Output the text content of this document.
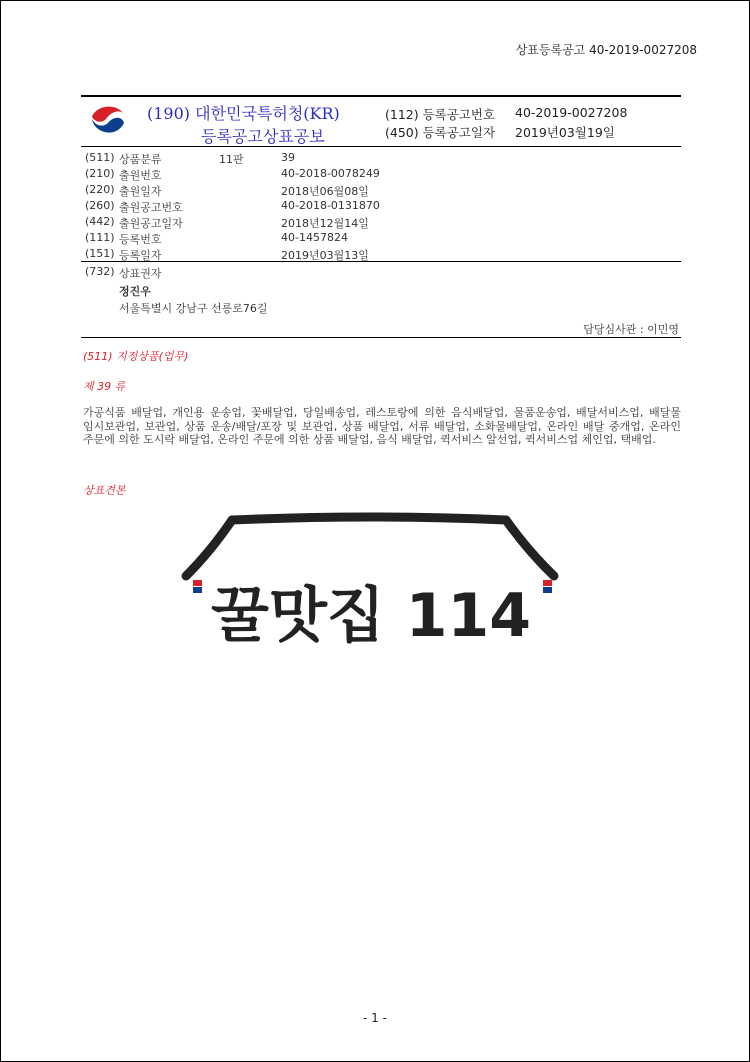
상표등록공고 40-2019-0027208
(190) 대한민국특허청(KR)
등록공고상표공보
(112) 등록공고번호 40-2019-0027208
(450) 등록공고일자 2019년03월19일
(511) 상품분류	11판	39
(210) 출원번호	40-2018-0078249
(220) 출원일자	2018년06월08일
(260) 출원공고번호	40-2018-0131870
(442) 출원공고일자	2018년12월14일
(111) 등록번호	40-1457824
(151) 등록일자	2019년03월13일
(732) 상표권자
정진우
서울특별시 강남구 선릉로76길
담당심사관 : 이민영
(511) 지정상품(업무)
제 39 류
가공식품 배달업, 개인용 운송업, 꽃배달업, 당일배송업, 레스토랑에 의한 음식배달업, 물품운송업, 배달서비스업, 배달물 임시보관업, 보관업, 상품 운송/배달/포장 및 보관업, 상품 배달업, 서류 배달업, 소화물배달업, 온라인 배달 중개업, 온라인 주문에 의한 도시락 배달업, 온라인 주문에 의한 상품 배달업, 음식 배달업, 퀵서비스 알선업, 퀵서비스업 체인업, 택배업.
상표견본
꿀맛집 114
- 1 -
